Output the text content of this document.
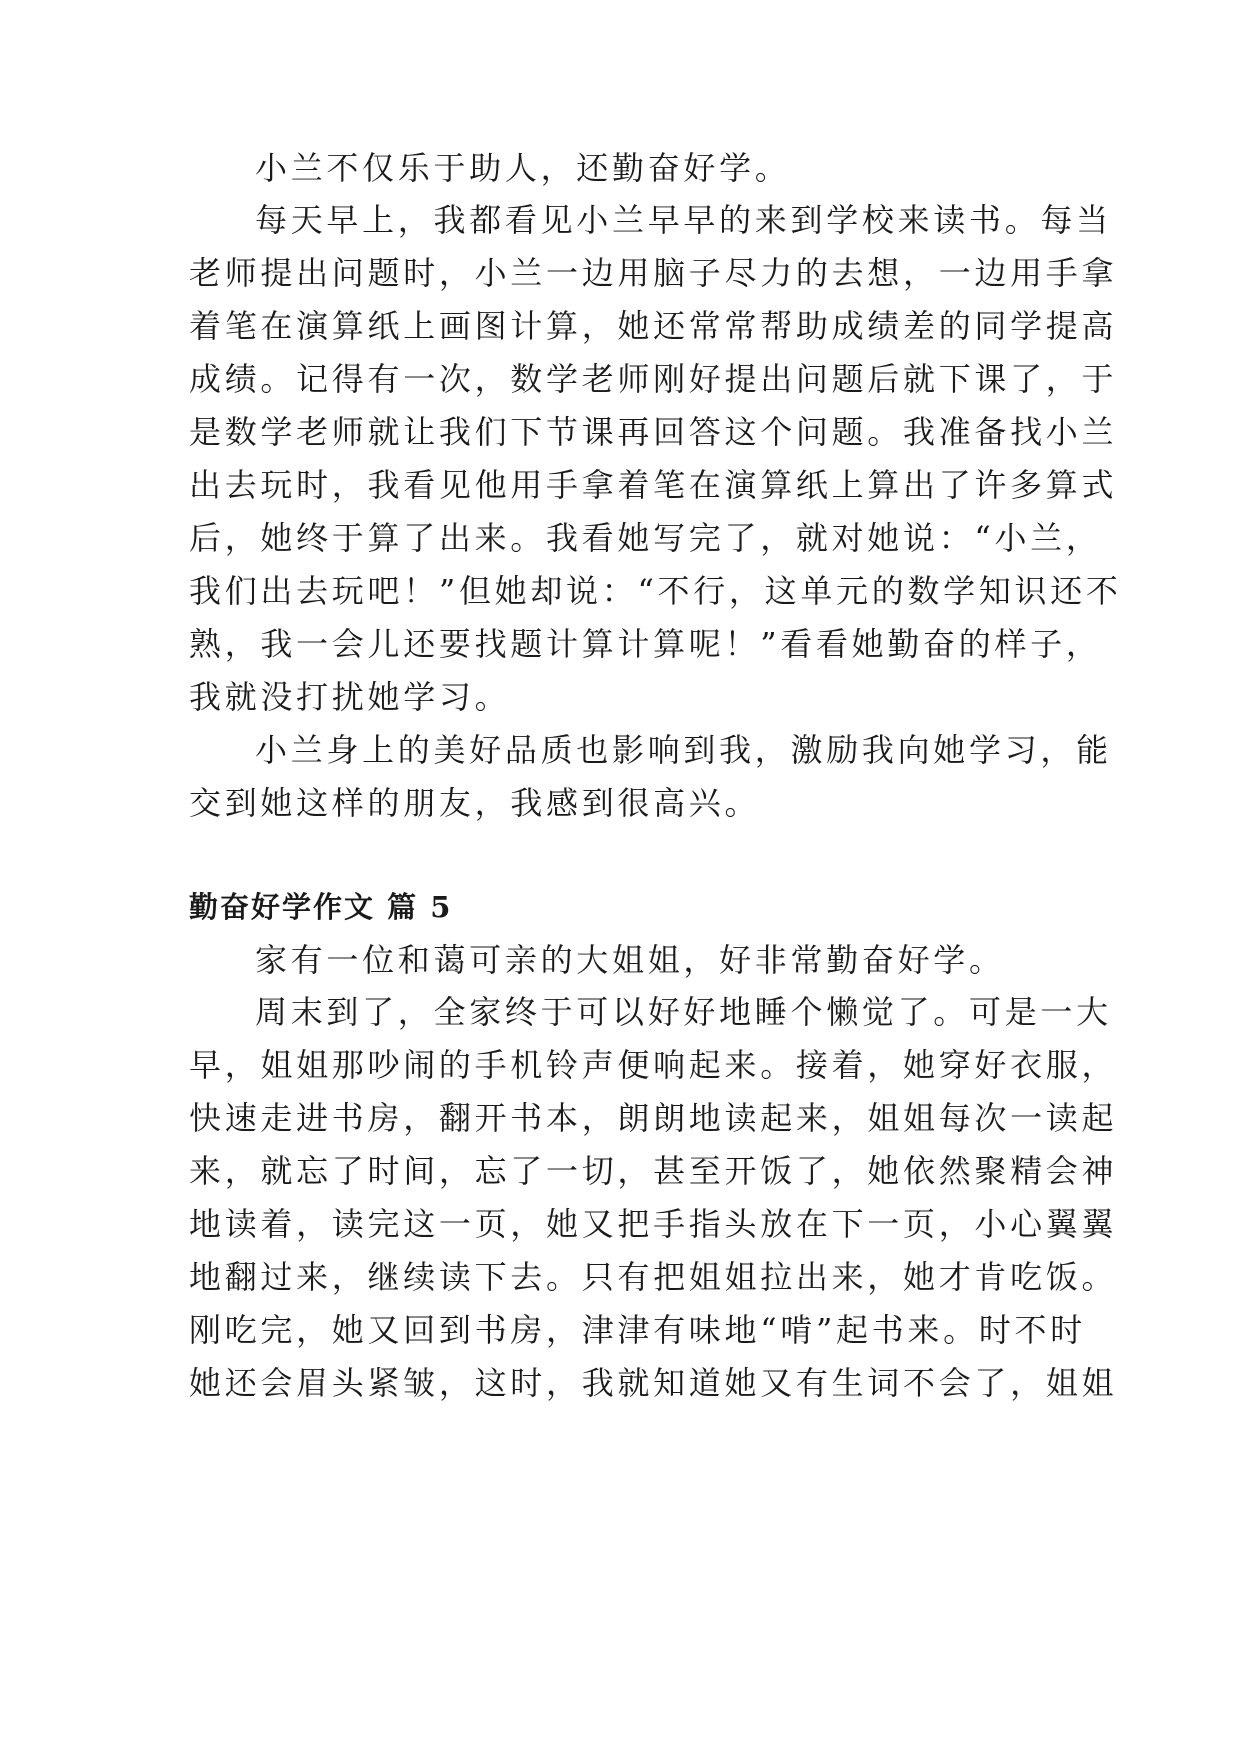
小兰不仅乐于助人，还勤奋好学。

每天早上，我都看见小兰早早的来到学校来读书。每当

老师提出问题时，小兰一边用脑子尽力的去想，一边用手拿

着笔在演算纸上画图计算，她还常常帮助成绩差的同学提高

成绩。记得有一次，数学老师刚好提出问题后就下课了，于

是数学老师就让我们下节课再回答这个问题。我准备找小兰

出去玩时，我看见他用手拿着笔在演算纸上算出了许多算式

后，她终于算了出来。我看她写完了，就对她说：“小兰，

我们出去玩吧！”但她却说：“不行，这单元的数学知识还不

熟，我一会儿还要找题计算计算呢！”看看她勤奋的样子，

我就没打扰她学习。

小兰身上的美好品质也影响到我，激励我向她学习，能

交到她这样的朋友，我感到很高兴。

勤奋好学作文 篇 5

家有一位和蔼可亲的大姐姐，好非常勤奋好学。

周末到了，全家终于可以好好地睡个懒觉了。可是一大

早，姐姐那吵闹的手机铃声便响起来。接着，她穿好衣服，

快速走进书房，翻开书本，朗朗地读起来，姐姐每次一读起

来，就忘了时间，忘了一切，甚至开饭了，她依然聚精会神

地读着，读完这一页，她又把手指头放在下一页，小心翼翼

地翻过来，继续读下去。只有把姐姐拉出来，她才肯吃饭。

刚吃完，她又回到书房，津津有味地“啃”起书来。时不时

她还会眉头紧皱，这时，我就知道她又有生词不会了，姐姐
